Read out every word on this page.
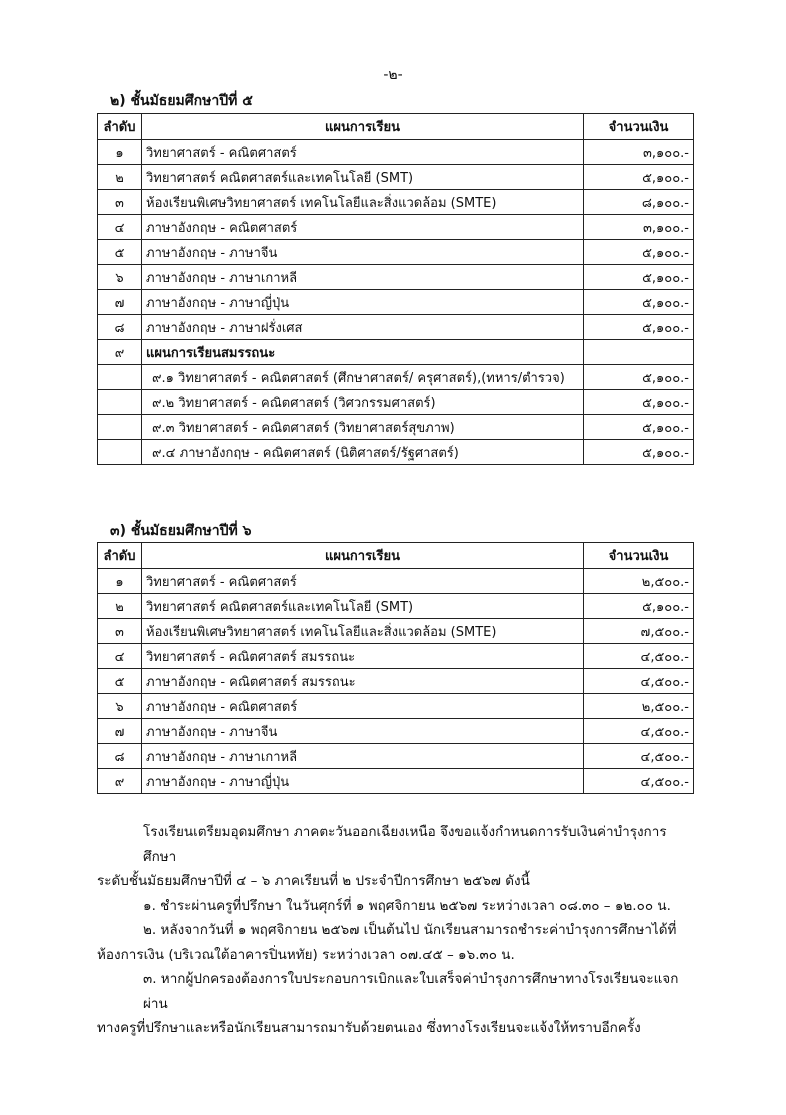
-๒-
๒) ชั้นมัธยมศึกษาปีที่ ๕
ลำดับ	แผนการเรียน	จำนวนเงิน
๑	วิทยาศาสตร์ - คณิตศาสตร์	๓,๑๐๐.-
๒	วิทยาศาสตร์ คณิตศาสตร์และเทคโนโลยี (SMT)	๕,๑๐๐.-
๓	ห้องเรียนพิเศษวิทยาศาสตร์ เทคโนโลยีและสิ่งแวดล้อม (SMTE)	๘,๑๐๐.-
๔	ภาษาอังกฤษ - คณิตศาสตร์	๓,๑๐๐.-
๕	ภาษาอังกฤษ - ภาษาจีน	๕,๑๐๐.-
๖	ภาษาอังกฤษ - ภาษาเกาหลี	๕,๑๐๐.-
๗	ภาษาอังกฤษ - ภาษาญี่ปุ่น	๕,๑๐๐.-
๘	ภาษาอังกฤษ - ภาษาฝรั่งเศส	๕,๑๐๐.-
๙	แผนการเรียนสมรรถนะ	
	๙.๑ วิทยาศาสตร์ - คณิตศาสตร์ (ศึกษาศาสตร์/ ครุศาสตร์),(ทหาร/ตำรวจ)	๕,๑๐๐.-
	๙.๒ วิทยาศาสตร์ - คณิตศาสตร์ (วิศวกรรมศาสตร์)	๕,๑๐๐.-
	๙.๓ วิทยาศาสตร์ - คณิตศาสตร์ (วิทยาศาสตร์สุขภาพ)	๕,๑๐๐.-
	๙.๔ ภาษาอังกฤษ - คณิตศาสตร์ (นิติศาสตร์/รัฐศาสตร์)	๕,๑๐๐.-
๓) ชั้นมัธยมศึกษาปีที่ ๖
ลำดับ	แผนการเรียน	จำนวนเงิน
๑	วิทยาศาสตร์ - คณิตศาสตร์	๒,๕๐๐.-
๒	วิทยาศาสตร์ คณิตศาสตร์และเทคโนโลยี (SMT)	๕,๑๐๐.-
๓	ห้องเรียนพิเศษวิทยาศาสตร์ เทคโนโลยีและสิ่งแวดล้อม (SMTE)	๗,๕๐๐.-
๔	วิทยาศาสตร์ - คณิตศาสตร์ สมรรถนะ	๔,๕๐๐.-
๕	ภาษาอังกฤษ - คณิตศาสตร์ สมรรถนะ	๔,๕๐๐.-
๖	ภาษาอังกฤษ - คณิตศาสตร์	๒,๕๐๐.-
๗	ภาษาอังกฤษ - ภาษาจีน	๔,๕๐๐.-
๘	ภาษาอังกฤษ - ภาษาเกาหลี	๔,๕๐๐.-
๙	ภาษาอังกฤษ - ภาษาญี่ปุ่น	๔,๕๐๐.-

โรงเรียนเตรียมอุดมศึกษา ภาคตะวันออกเฉียงเหนือ จึงขอแจ้งกำหนดการรับเงินค่าบำรุงการศึกษา

ระดับชั้นมัธยมศึกษาปีที่ ๔ – ๖ ภาคเรียนที่ ๒ ประจำปีการศึกษา ๒๕๖๗ ดังนี้

๑. ชำระผ่านครูที่ปรึกษา ในวันศุกร์ที่ ๑ พฤศจิกายน ๒๕๖๗ ระหว่างเวลา ๐๘.๓๐ – ๑๒.๐๐ น.

๒. หลังจากวันที่ ๑ พฤศจิกายน ๒๕๖๗ เป็นต้นไป นักเรียนสามารถชำระค่าบำรุงการศึกษาได้ที่

ห้องการเงิน (บริเวณใต้อาคารปิ่นหทัย) ระหว่างเวลา ๐๗.๔๕ – ๑๖.๓๐ น.

๓. หากผู้ปกครองต้องการใบประกอบการเบิกและใบเสร็จค่าบำรุงการศึกษาทางโรงเรียนจะแจกผ่าน

ทางครูที่ปรึกษาและหรือนักเรียนสามารถมารับด้วยตนเอง ซึ่งทางโรงเรียนจะแจ้งให้ทราบอีกครั้ง
